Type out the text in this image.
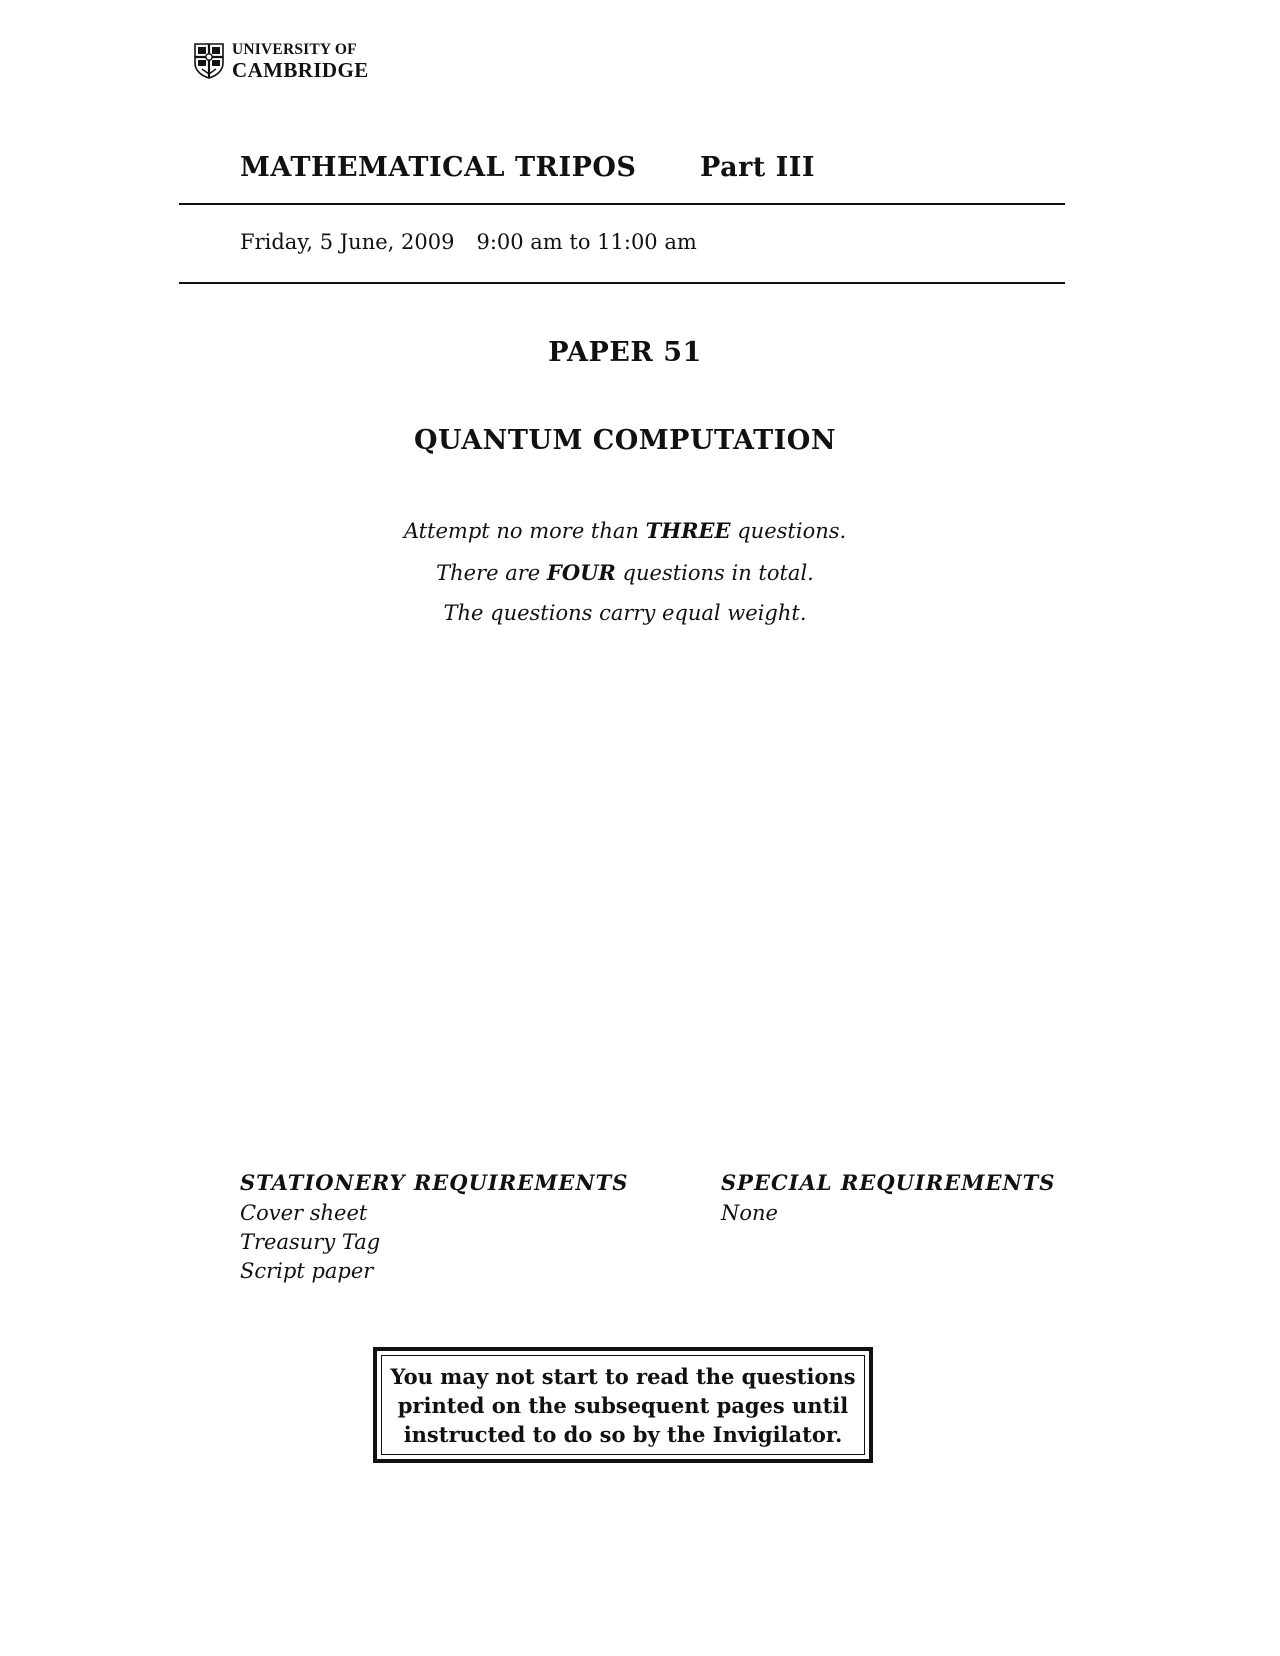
UNIVERSITY OF
CAMBRIDGE
MATHEMATICAL TRIPOS Part III
Friday, 5 June, 2009 9:00 am to 11:00 am
PAPER 51
QUANTUM COMPUTATION
Attempt no more than THREE questions.
There are FOUR questions in total.
The questions carry equal weight.
STATIONERY REQUIREMENTS
Cover sheet
Treasury Tag
Script paper
SPECIAL REQUIREMENTS
None
You may not start to read the questions
printed on the subsequent pages until
instructed to do so by the Invigilator.
